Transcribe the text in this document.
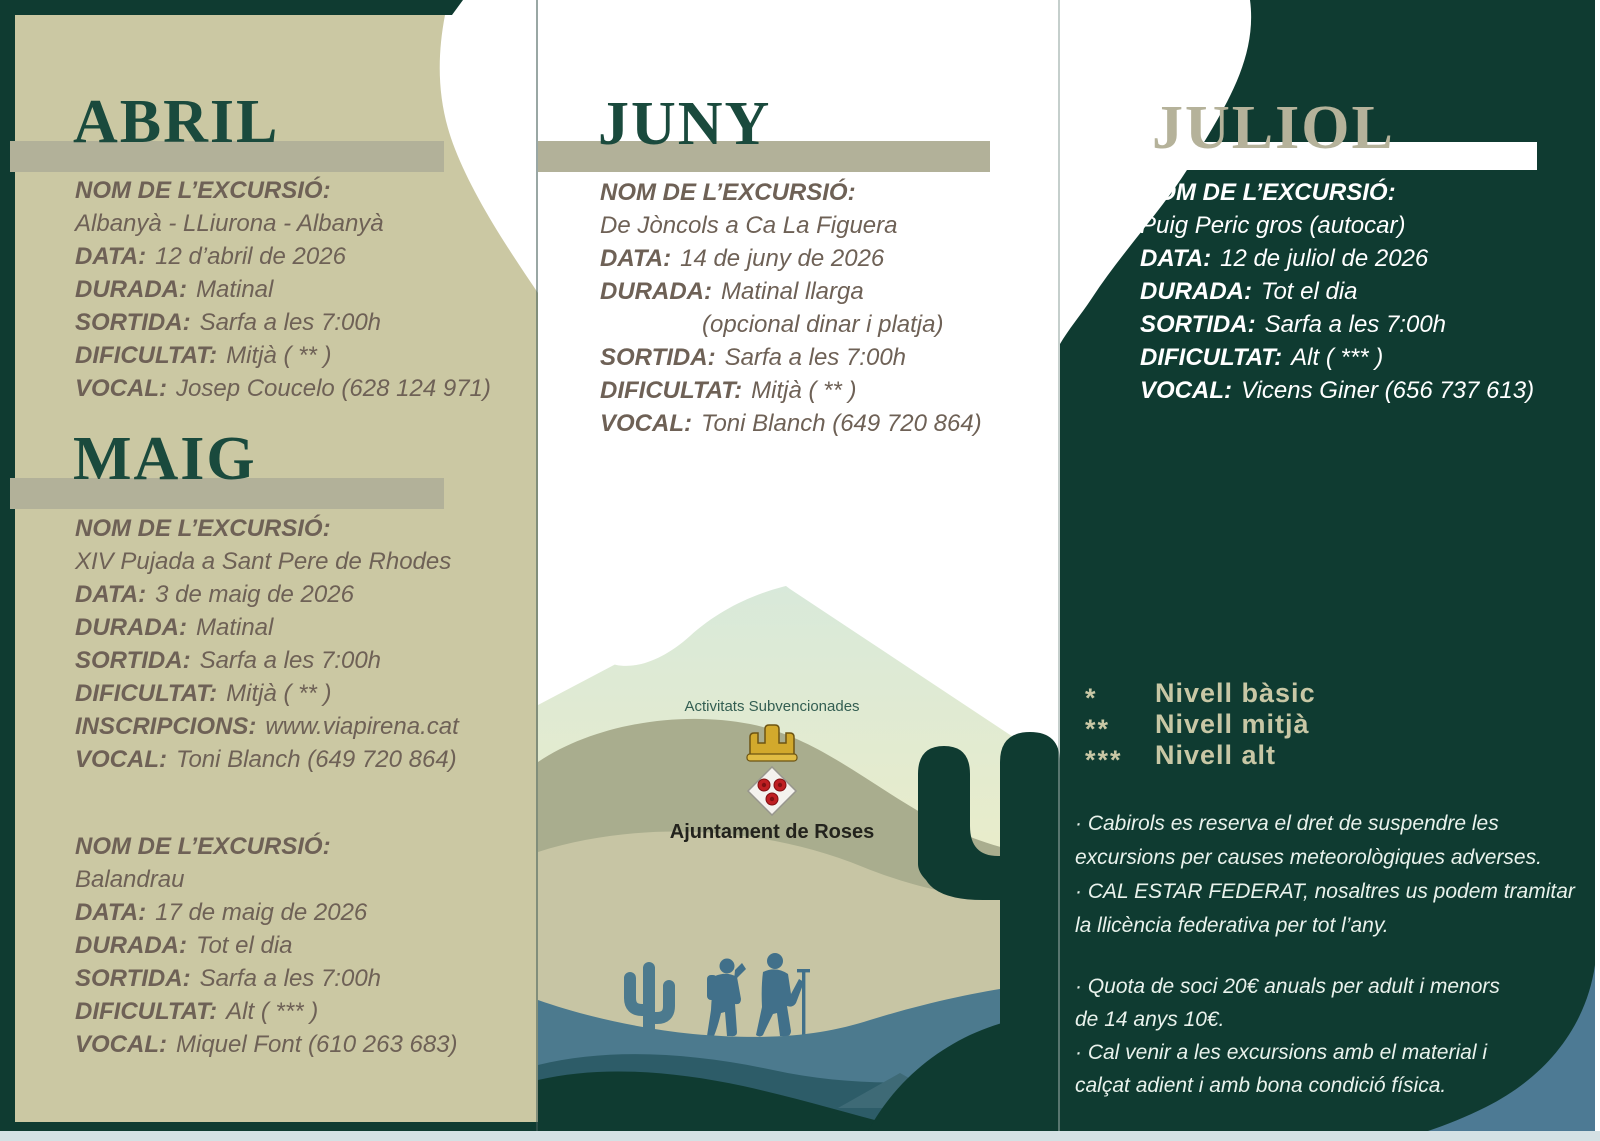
ABRIL
NOM DE L’EXCURSIÓ:
Albanyà - LLiurona - Albanyà
DATA: 12 d’abril de 2026
DURADA: Matinal
SORTIDA: Sarfa a les 7:00h
DIFICULTAT: Mitjà ( ** )
VOCAL: Josep Coucelo (628 124 971)
MAIG
NOM DE L’EXCURSIÓ:
XIV Pujada a Sant Pere de Rhodes
DATA: 3 de maig de 2026
DURADA: Matinal
SORTIDA: Sarfa a les 7:00h
DIFICULTAT: Mitjà ( ** )
INSCRIPCIONS: www.viapirena.cat
VOCAL: Toni Blanch (649 720 864)
NOM DE L’EXCURSIÓ:
Balandrau
DATA: 17 de maig de 2026
DURADA: Tot el dia
SORTIDA: Sarfa a les 7:00h
DIFICULTAT: Alt ( *** )
VOCAL: Miquel Font (610 263 683)
JUNY
NOM DE L’EXCURSIÓ:
De Jòncols a Ca La Figuera
DATA: 14 de juny de 2026
DURADA: Matinal llarga
(opcional dinar i platja)
SORTIDA: Sarfa a les 7:00h
DIFICULTAT: Mitjà ( ** )
VOCAL: Toni Blanch (649 720 864)
Activitats Subvencionades
Ajuntament de Roses
JULIOL
NOM DE L’EXCURSIÓ:
Puig Peric gros (autocar)
DATA: 12 de juliol de 2026
DURADA: Tot el dia
SORTIDA: Sarfa a les 7:00h
DIFICULTAT: Alt ( *** )
VOCAL: Vicens Giner (656 737 613)
* Nivell bàsic
** Nivell mitjà
*** Nivell alt
· Cabirols es reserva el dret de suspendre les
excursions per causes meteorològiques adverses.
· CAL ESTAR FEDERAT, nosaltres us podem tramitar
la llicència federativa per tot l’any.
· Quota de soci 20€ anuals per adult i menors
de 14 anys 10€.
· Cal venir a les excursions amb el material i
calçat adient i amb bona condició física.
